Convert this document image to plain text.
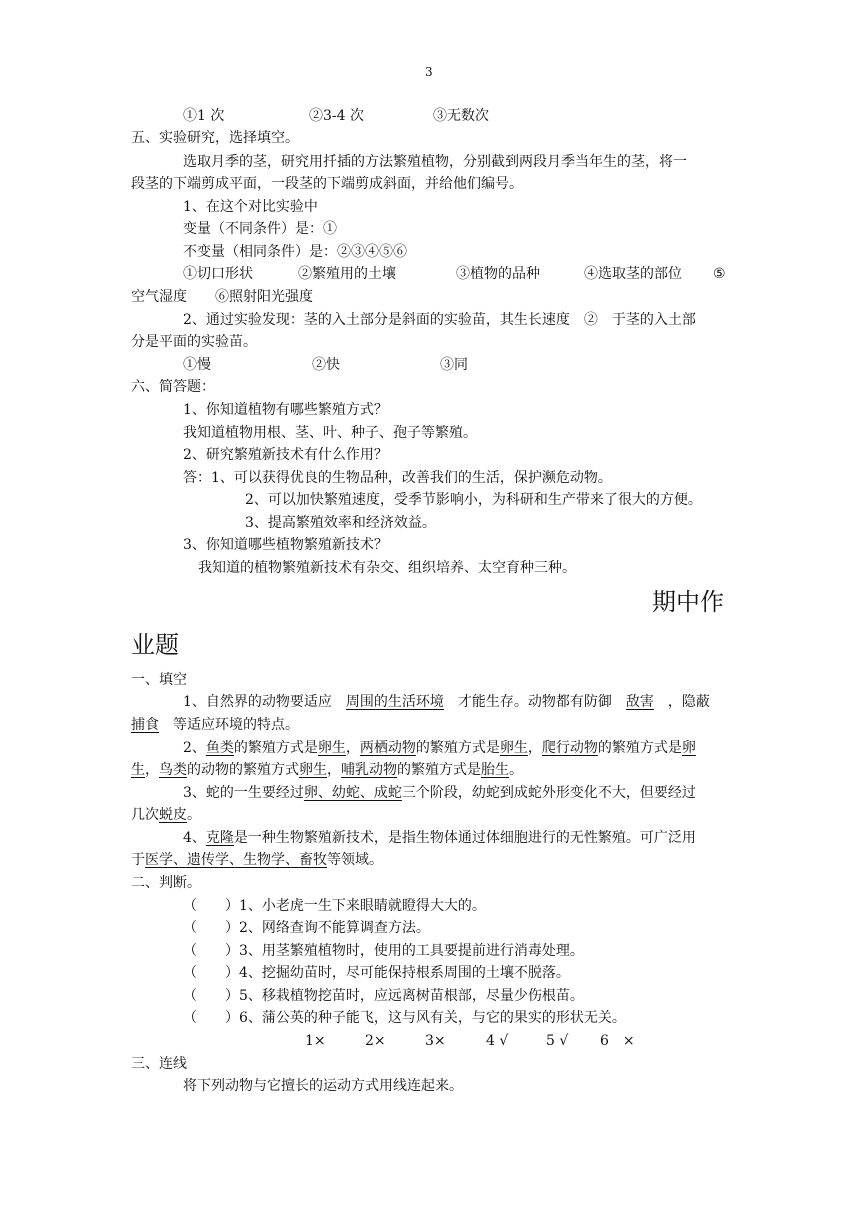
3
①1 次	②3-4 次	③无数次
五、实验研究，选择填空。
选取月季的茎，研究用扦插的方法繁殖植物，分别截到两段月季当年生的茎，将一
段茎的下端剪成平面，一段茎的下端剪成斜面，并给他们编号。
1、在这个对比实验中
变量（不同条件）是：①
不变量（相同条件）是：②③④⑤⑥
①切口形状	②繁殖用的土壤	③植物的品种	④选取茎的部位 ⑤
空气湿度 ⑥照射阳光强度
2、通过实验发现：茎的入土部分是斜面的实验苗，其生长速度　②　于茎的入土部
分是平面的实验苗。
①慢	②快	③同
六、简答题：
1、你知道植物有哪些繁殖方式？
我知道植物用根、茎、叶、种子、孢子等繁殖。
2、研究繁殖新技术有什么作用？
答：1、可以获得优良的生物品种，改善我们的生活，保护濒危动物。
2、可以加快繁殖速度，受季节影响小，为科研和生产带来了很大的方便。
3、提高繁殖效率和经济效益。
3、你知道哪些植物繁殖新技术？
我知道的植物繁殖新技术有杂交、组织培养、太空育种三种。
期中作
业题
一、填空
1、自然界的动物要适应　周围的生活环境　才能生存。动物都有防御　敌害　，隐蔽
捕食　等适应环境的特点。
2、鱼类的繁殖方式是卵生，两栖动物的繁殖方式是卵生，爬行动物的繁殖方式是卵
生，鸟类的动物的繁殖方式卵生，哺乳动物的繁殖方式是胎生。
3、蛇的一生要经过卵、幼蛇、成蛇三个阶段，幼蛇到成蛇外形变化不大，但要经过
几次蜕皮。
4、克隆是一种生物繁殖新技术，是指生物体通过体细胞进行的无性繁殖。可广泛用
于医学、遗传学、生物学、畜牧等领域。
二、判断。
（　　）1、小老虎一生下来眼睛就瞪得大大的。
（　　）2、网络查询不能算调查方法。
（　　）3、用茎繁殖植物时，使用的工具要提前进行消毒处理。
（　　）4、挖掘幼苗时，尽可能保持根系周围的土壤不脱落。
（　　）5、移栽植物挖苗时，应远离树苗根部，尽量少伤根苗。
（　　）6、蒲公英的种子能飞，这与风有关，与它的果实的形状无关。
1×	2×	3×	4 √	5 √ 6　×
三、连线
将下列动物与它擅长的运动方式用线连起来。
